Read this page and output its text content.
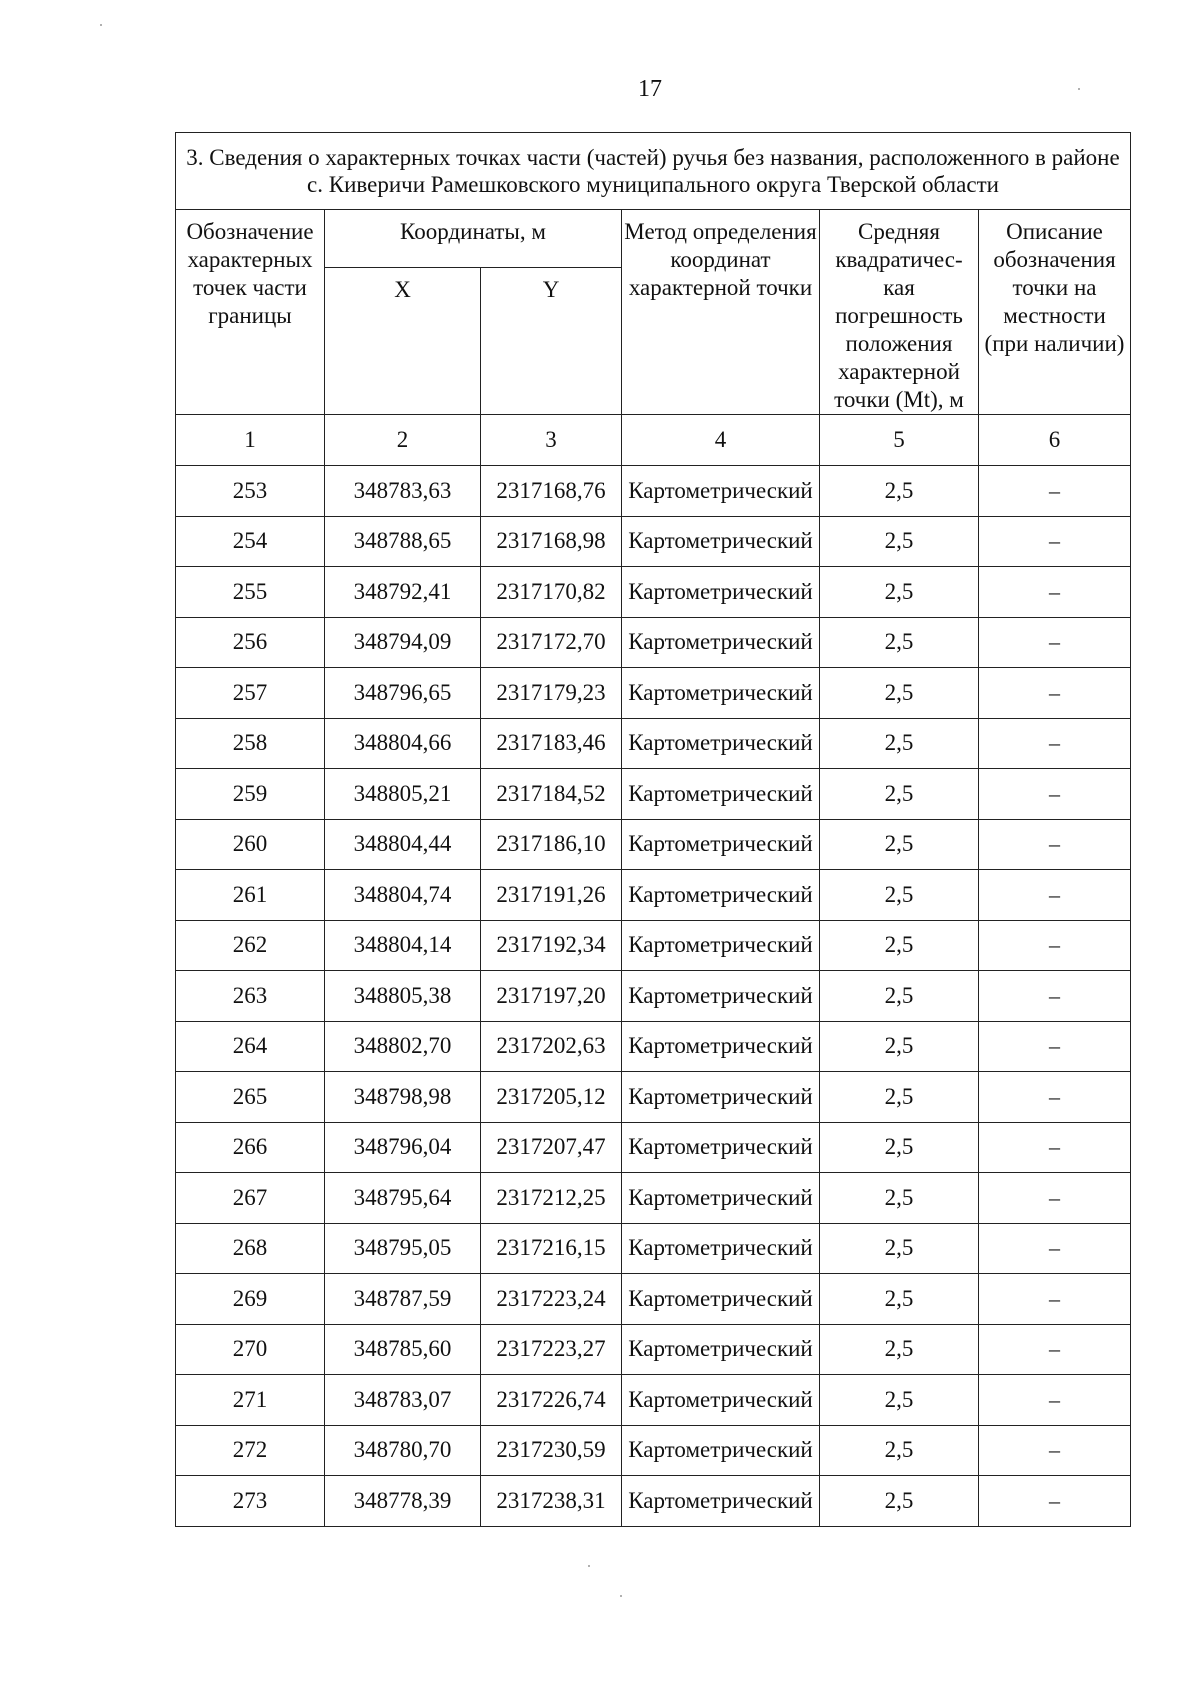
17
3. Сведения о характерных точках части (частей) ручья без названия, расположенного в районе с. Киверичи Рамешковского муниципального округа Тверской области					
Обозначение характерных точек части границы	Координаты, м		Метод определения координат характерной точки	Средняя квадратичес-кая погрешность положения характерной точки (Mt), м	Описание обозначения точки на местности (при наличии)
	X	Y			
1	2	3	4	5	6
253	348783,63	2317168,76	Картометрический	2,5	–
254	348788,65	2317168,98	Картометрический	2,5	–
255	348792,41	2317170,82	Картометрический	2,5	–
256	348794,09	2317172,70	Картометрический	2,5	–
257	348796,65	2317179,23	Картометрический	2,5	–
258	348804,66	2317183,46	Картометрический	2,5	–
259	348805,21	2317184,52	Картометрический	2,5	–
260	348804,44	2317186,10	Картометрический	2,5	–
261	348804,74	2317191,26	Картометрический	2,5	–
262	348804,14	2317192,34	Картометрический	2,5	–
263	348805,38	2317197,20	Картометрический	2,5	–
264	348802,70	2317202,63	Картометрический	2,5	–
265	348798,98	2317205,12	Картометрический	2,5	–
266	348796,04	2317207,47	Картометрический	2,5	–
267	348795,64	2317212,25	Картометрический	2,5	–
268	348795,05	2317216,15	Картометрический	2,5	–
269	348787,59	2317223,24	Картометрический	2,5	–
270	348785,60	2317223,27	Картометрический	2,5	–
271	348783,07	2317226,74	Картометрический	2,5	–
272	348780,70	2317230,59	Картометрический	2,5	–
273	348778,39	2317238,31	Картометрический	2,5	–
